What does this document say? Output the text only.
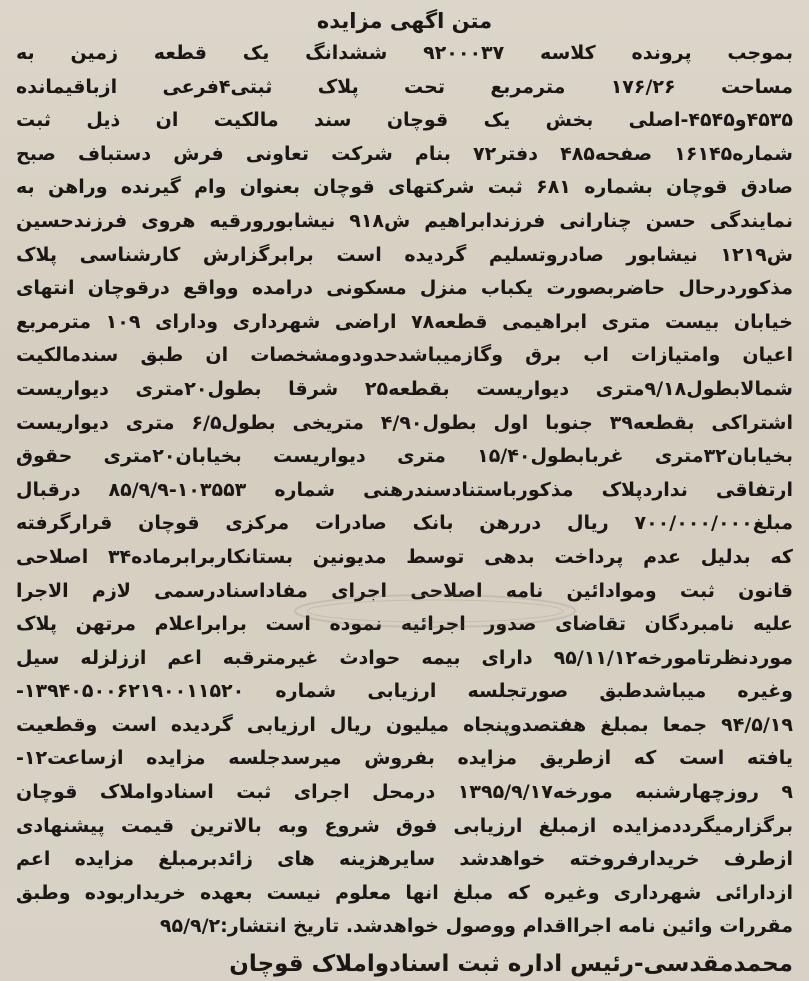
متن اگهی مزایده
بموجب پرونده کلاسه ۹۲۰۰۰۳۷ ششدانگ یک قطعه زمین به
مساحت ۱۷۶/۲۶ مترمربع تحت پلاک ثبتی۴فرعی ازباقیمانده
۴۵۳۵و۴۵۴۵-اصلی بخش یک قوچان سند مالکیت ان ذیل ثبت
شماره۱۶۱۴۵ صفحه۴۸۵ دفتر۷۲ بنام شرکت تعاونی فرش دستباف صبح
صادق قوچان بشماره ۶۸۱ ثبت شرکتهای قوچان بعنوان وام گیرنده وراهن به
نمایندگی حسن چنارانی فرزندابراهیم ش۹۱۸ نیشابورورقیه هروی فرزندحسین
ش۱۲۱۹ نیشابور صادروتسلیم گردیده است برابرگزارش کارشناسی پلاک
مذکوردرحال حاضربصورت یکباب منزل مسکونی درامده وواقع درقوچان انتهای
خیابان بیست متری ابراهیمی قطعه۷۸ اراضی شهرداری ودارای ۱۰۹ مترمربع
اعیان وامتیازات اب برق وگازمیباشدحدودومشخصات ان طبق سندمالکیت
شمالابطول۹/۱۸متری دیواریست بقطعه۲۵ شرقا بطول۲۰متری دیواریست
اشتراکی بقطعه۳۹ جنوبا اول بطول۴/۹۰ متریخی بطول۶/۵ متری دیواریست
بخیابان۳۲متری غربابطول۱۵/۴۰ متری دیواریست بخیابان۲۰متری حقوق
ارتفاقی نداردپلاک مذکورباستنادسندرهنی شماره ۱۰۳۵۵۳-۸۵/۹/۹ درقبال
مبلغ۷۰۰/۰۰۰/۰۰۰ ریال دررهن بانک صادرات مرکزی قوچان قرارگرفته
که بدلیل عدم پرداخت بدهی توسط مدیونین بستانکاربرابرماده۳۴ اصلاحی
قانون ثبت وموادائین نامه اصلاحی اجرای مفاداسنادرسمی لازم الاجرا
علیه نامبردگان تقاضای صدور اجرائیه نموده است برابراعلام مرتهن پلاک
موردنظرتامورخه۹۵/۱۱/۱۲ دارای بیمه حوادث غیرمترقبه اعم اززلزله سیل
وغیره میباشدطبق صورتجلسه ارزیابی شماره ۱۳۹۴۰۵۰۰۶۲۱۹۰۰۱۱۵۲۰-
۹۴/۵/۱۹ جمعا بمبلغ هفتصدوپنجاه میلیون ریال ارزیابی گردیده است وقطعیت
یافته است که ازطریق مزایده بفروش میرسدجلسه مزایده ازساعت۱۲-
۹ روزچهارشنبه مورخه۱۳۹۵/۹/۱۷ درمحل اجرای ثبت اسنادواملاک قوچان
برگزارمیگرددمزایده ازمبلغ ارزیابی فوق شروع وبه بالاترین قیمت پیشنهادی
ازطرف خریدارفروخته خواهدشد سایرهزینه های زائدبرمبلغ مزایده اعم
ازدارائی شهرداری وغیره که مبلغ انها معلوم نیست بعهده خریداربوده وطبق
مقررات وائین نامه اجرااقدام ووصول خواهدشد. تاریخ انتشار:۹۵/۹/۲
محمدمقدسی-رئیس اداره ثبت اسنادواملاک قوچان
